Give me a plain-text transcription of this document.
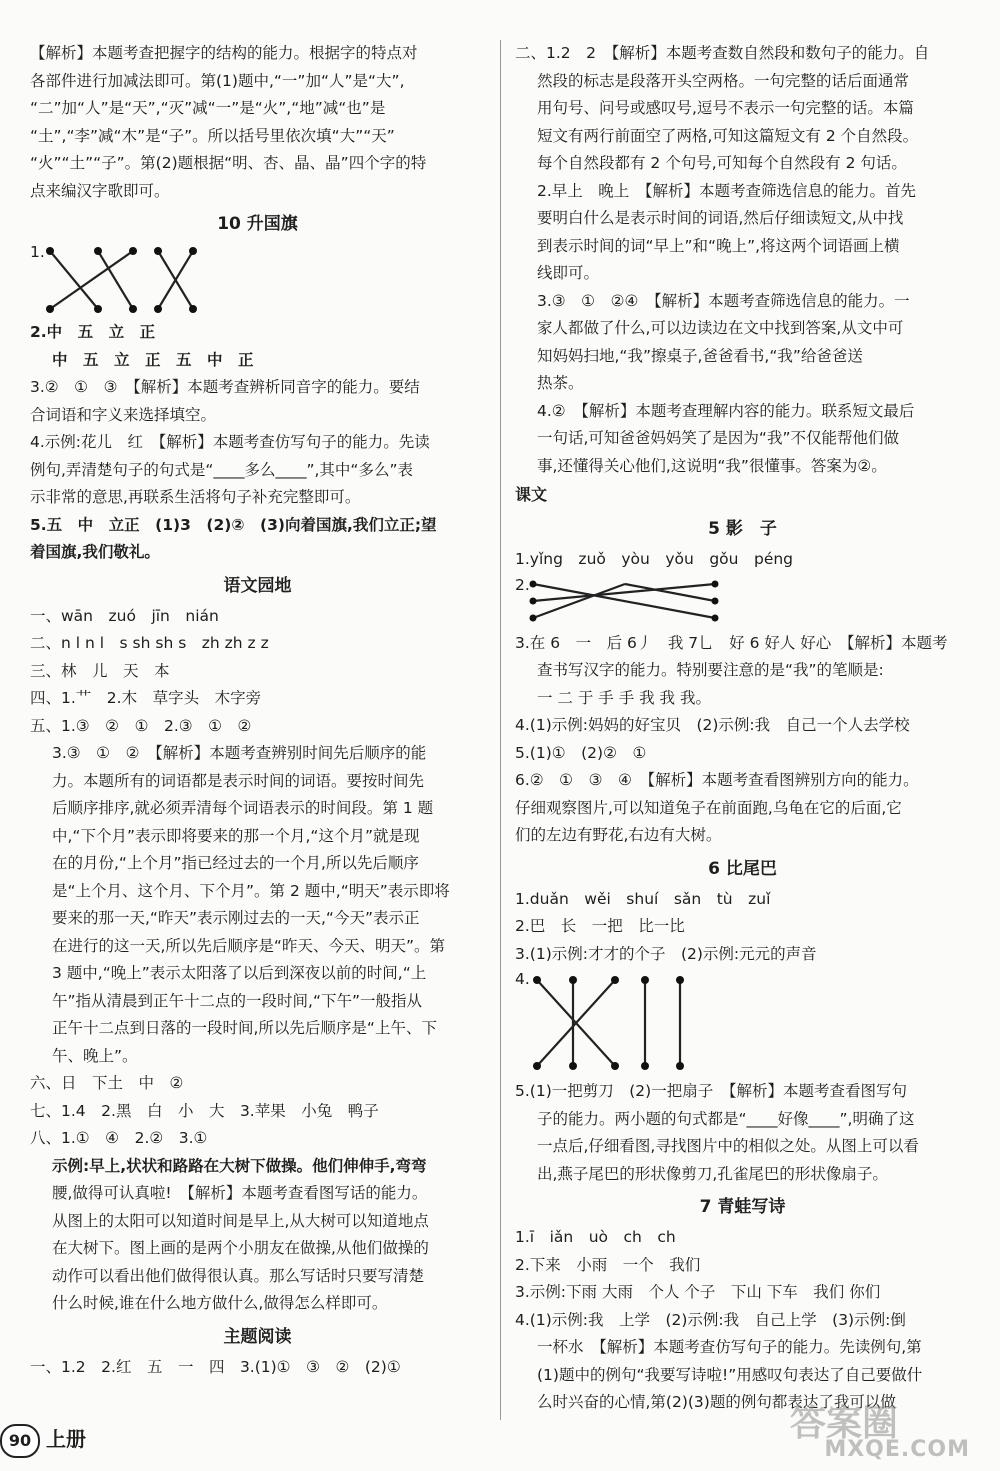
【解析】本题考查把握字的结构的能力。根据字的特点对
各部件进行加减法即可。第(1)题中,“一”加“人”是“大”,
“二”加“人”是“天”,“灭”减“一”是“火”,“地”减“也”是
“土”,“李”减“木”是“子”。所以括号里依次填“大”“天”
“火”“土”“子”。第(2)题根据“明、杏、晶、晶”四个字的特
点来编汉字歌即可。
10 升国旗
1.
2.中　五　立　正
中　五　立　正　五　中　正
3.②　①　③　【解析】本题考查辨析同音字的能力。要结
合词语和字义来选择填空。
4.示例:花儿　红　【解析】本题考查仿写句子的能力。先读
例句,弄清楚句子的句式是“____多么____”,其中“多么”表
示非常的意思,再联系生活将句子补充完整即可。
5.五　中　立正　(1)3　(2)②　(3)向着国旗,我们立正;望
着国旗,我们敬礼。
语文园地
一、wān　zuó　jīn　nián
二、n l n l　s sh sh s　zh zh z z
三、林　儿　天　本
四、1.艹　2.木　草字头　木字旁
五、1.③　②　①　2.③　①　②
3.③　①　②　【解析】本题考查辨别时间先后顺序的能
力。本题所有的词语都是表示时间的词语。要按时间先
后顺序排序,就必须弄清每个词语表示的时间段。第 1 题
中,“下个月”表示即将要来的那一个月,“这个月”就是现
在的月份,“上个月”指已经过去的一个月,所以先后顺序
是“上个月、这个月、下个月”。第 2 题中,“明天”表示即将
要来的那一天,“昨天”表示刚过去的一天,“今天”表示正
在进行的这一天,所以先后顺序是“昨天、今天、明天”。第
3 题中,“晚上”表示太阳落了以后到深夜以前的时间,“上
午”指从清晨到正午十二点的一段时间,“下午”一般指从
正午十二点到日落的一段时间,所以先后顺序是“上午、下
午、晚上”。
六、日　下土　中　②
七、1.4　2.黑　白　小　大　3.苹果　小兔　鸭子
八、1.①　④　2.②　3.①
示例:早上,状状和路路在大树下做操。他们伸伸手,弯弯
腰,做得可认真啦!　【解析】本题考查看图写话的能力。
从图上的太阳可以知道时间是早上,从大树可以知道地点
在大树下。图上画的是两个小朋友在做操,从他们做操的
动作可以看出他们做得很认真。那么写话时只要写清楚
什么时候,谁在什么地方做什么,做得怎么样即可。
主题阅读
一、1.2　2.红　五　一　四　3.(1)①　③　②　(2)①
二、1.2　2　【解析】本题考查数自然段和数句子的能力。自
然段的标志是段落开头空两格。一句完整的话后面通常
用句号、问号或感叹号,逗号不表示一句完整的话。本篇
短文有两行前面空了两格,可知这篇短文有 2 个自然段。
每个自然段都有 2 个句号,可知每个自然段有 2 句话。
2.早上　晚上　【解析】本题考查筛选信息的能力。首先
要明白什么是表示时间的词语,然后仔细读短文,从中找
到表示时间的词“早上”和“晚上”,将这两个词语画上横
线即可。
3.③　①　②④　【解析】本题考查筛选信息的能力。一
家人都做了什么,可以边读边在文中找到答案,从文中可
知妈妈扫地,“我”擦桌子,爸爸看书,“我”给爸爸送
热茶。
4.②　【解析】本题考查理解内容的能力。联系短文最后
一句话,可知爸爸妈妈笑了是因为“我”不仅能帮他们做
事,还懂得关心他们,这说明“我”很懂事。答案为②。
课文
5 影　子
1.yǐng　zuǒ　yòu　yǒu　gǒu　péng
2.
3.在 6　一　后 6丿　我 7乚　好 6 好人 好心　【解析】本题考
查书写汉字的能力。特别要注意的是“我”的笔顺是:
一 二 于 手 手 我 我 我。
4.(1)示例:妈妈的好宝贝　(2)示例:我　自己一个人去学校
5.(1)①　(2)②　①
6.②　①　③　④　【解析】本题考查看图辨别方向的能力。
仔细观察图片,可以知道兔子在前面跑,乌龟在它的后面,它
们的左边有野花,右边有大树。
6 比尾巴
1.duǎn　wěi　shuí　sǎn　tù　zuǐ
2.巴　长　一把　比一比
3.(1)示例:才才的个子　(2)示例:元元的声音
4.
5.(1)一把剪刀　(2)一把扇子　【解析】本题考查看图写句
子的能力。两小题的句式都是“____好像____”,明确了这
一点后,仔细看图,寻找图片中的相似之处。从图上可以看
出,燕子尾巴的形状像剪刀,孔雀尾巴的形状像扇子。
7 青蛙写诗
1.ī　iǎn　uò　ch　ch
2.下来　小雨　一个　我们
3.示例:下雨 大雨　个人 个子　下山 下车　我们 你们
4.(1)示例:我　上学　(2)示例:我　自己上学　(3)示例:倒
一杯水　【解析】本题考查仿写句子的能力。先读例句,第
(1)题中的例句“我要写诗啦!”用感叹句表达了自己要做什
么时兴奋的心情,第(2)(3)题的例句都表达了我可以做
90 上册	答案圈
MXQE.COM
